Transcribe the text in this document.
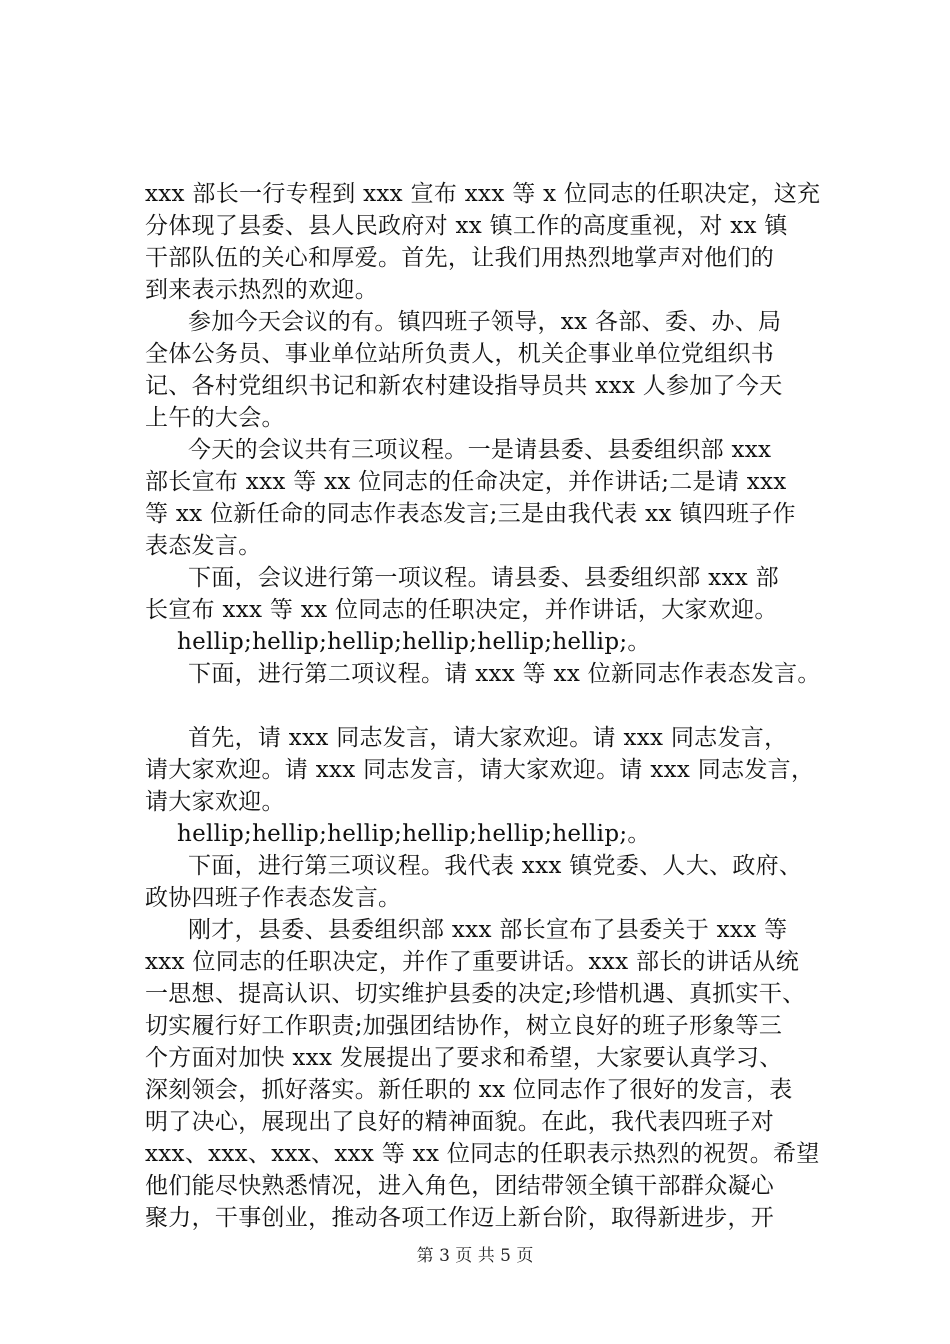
xxx 部长一行专程到 xxx 宣布 xxx 等 x 位同志的任职决定，这充
分体现了县委、县人民政府对 xx 镇工作的高度重视，对 xx 镇
干部队伍的关心和厚爱。首先，让我们用热烈地掌声对他们的
到来表示热烈的欢迎。
参加今天会议的有。镇四班子领导，xx 各部、委、办、局
全体公务员、事业单位站所负责人，机关企事业单位党组织书
记、各村党组织书记和新农村建设指导员共 xxx 人参加了今天
上午的大会。
今天的会议共有三项议程。一是请县委、县委组织部 xxx
部长宣布 xxx 等 xx 位同志的任命决定，并作讲话;二是请 xxx
等 xx 位新任命的同志作表态发言;三是由我代表 xx 镇四班子作
表态发言。
下面，会议进行第一项议程。请县委、县委组织部 xxx 部
长宣布 xxx 等 xx 位同志的任职决定，并作讲话，大家欢迎。
hellip;hellip;hellip;hellip;hellip;hellip;。
下面，进行第二项议程。请 xxx 等 xx 位新同志作表态发言。
首先，请 xxx 同志发言，请大家欢迎。请 xxx 同志发言，
请大家欢迎。请 xxx 同志发言，请大家欢迎。请 xxx 同志发言，
请大家欢迎。
hellip;hellip;hellip;hellip;hellip;hellip;。
下面，进行第三项议程。我代表 xxx 镇党委、人大、政府、
政协四班子作表态发言。
刚才，县委、县委组织部 xxx 部长宣布了县委关于 xxx 等
xxx 位同志的任职决定，并作了重要讲话。xxx 部长的讲话从统
一思想、提高认识、切实维护县委的决定;珍惜机遇、真抓实干、
切实履行好工作职责;加强团结协作，树立良好的班子形象等三
个方面对加快 xxx 发展提出了要求和希望，大家要认真学习、
深刻领会，抓好落实。新任职的 xx 位同志作了很好的发言，表
明了决心，展现出了良好的精神面貌。在此，我代表四班子对
xxx、xxx、xxx、xxx 等 xx 位同志的任职表示热烈的祝贺。希望
他们能尽快熟悉情况，进入角色，团结带领全镇干部群众凝心
聚力，干事创业，推动各项工作迈上新台阶，取得新进步，开
第 3 页 共 5 页
